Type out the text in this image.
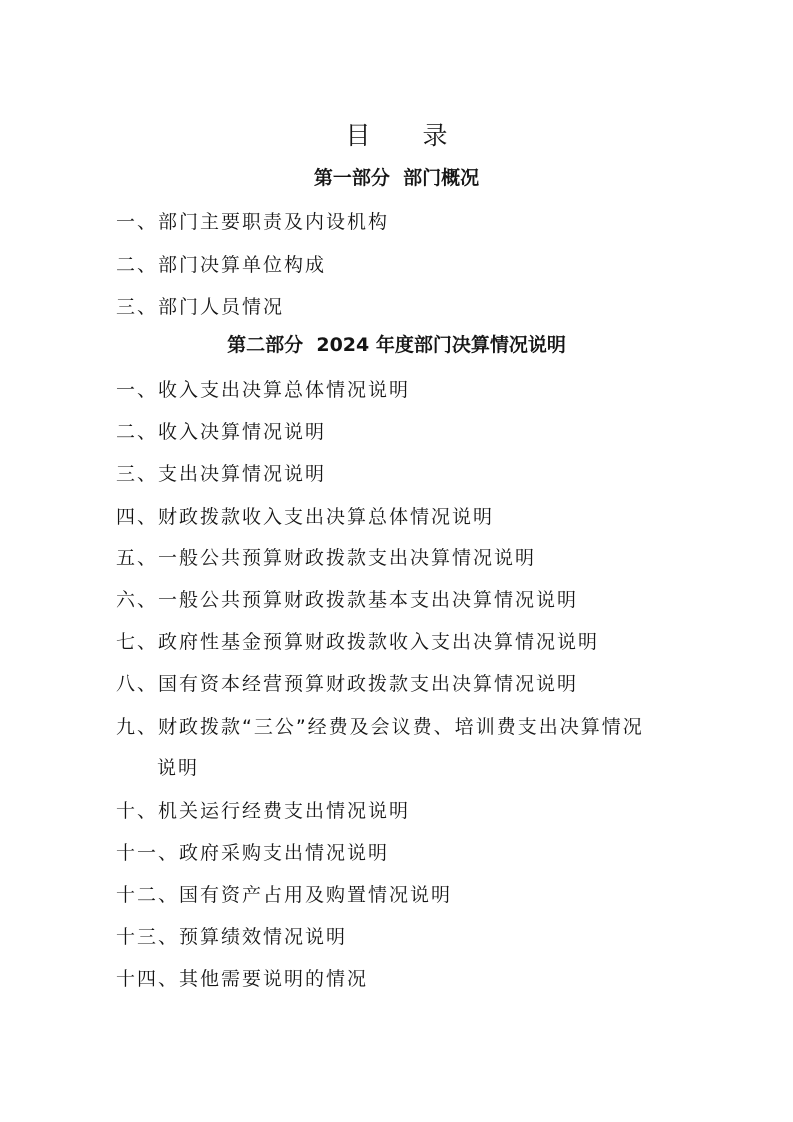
目 录
第一部分  部门概况
一、部门主要职责及内设机构
二、部门决算单位构成
三、部门人员情况
第二部分  2024 年度部门决算情况说明
一、收入支出决算总体情况说明
二、收入决算情况说明
三、支出决算情况说明
四、财政拨款收入支出决算总体情况说明
五、一般公共预算财政拨款支出决算情况说明
六、一般公共预算财政拨款基本支出决算情况说明
七、政府性基金预算财政拨款收入支出决算情况说明
八、国有资本经营预算财政拨款支出决算情况说明
九、财政拨款“三公”经费及会议费、培训费支出决算情况
说明
十、机关运行经费支出情况说明
十一、政府采购支出情况说明
十二、国有资产占用及购置情况说明
十三、预算绩效情况说明
十四、其他需要说明的情况
